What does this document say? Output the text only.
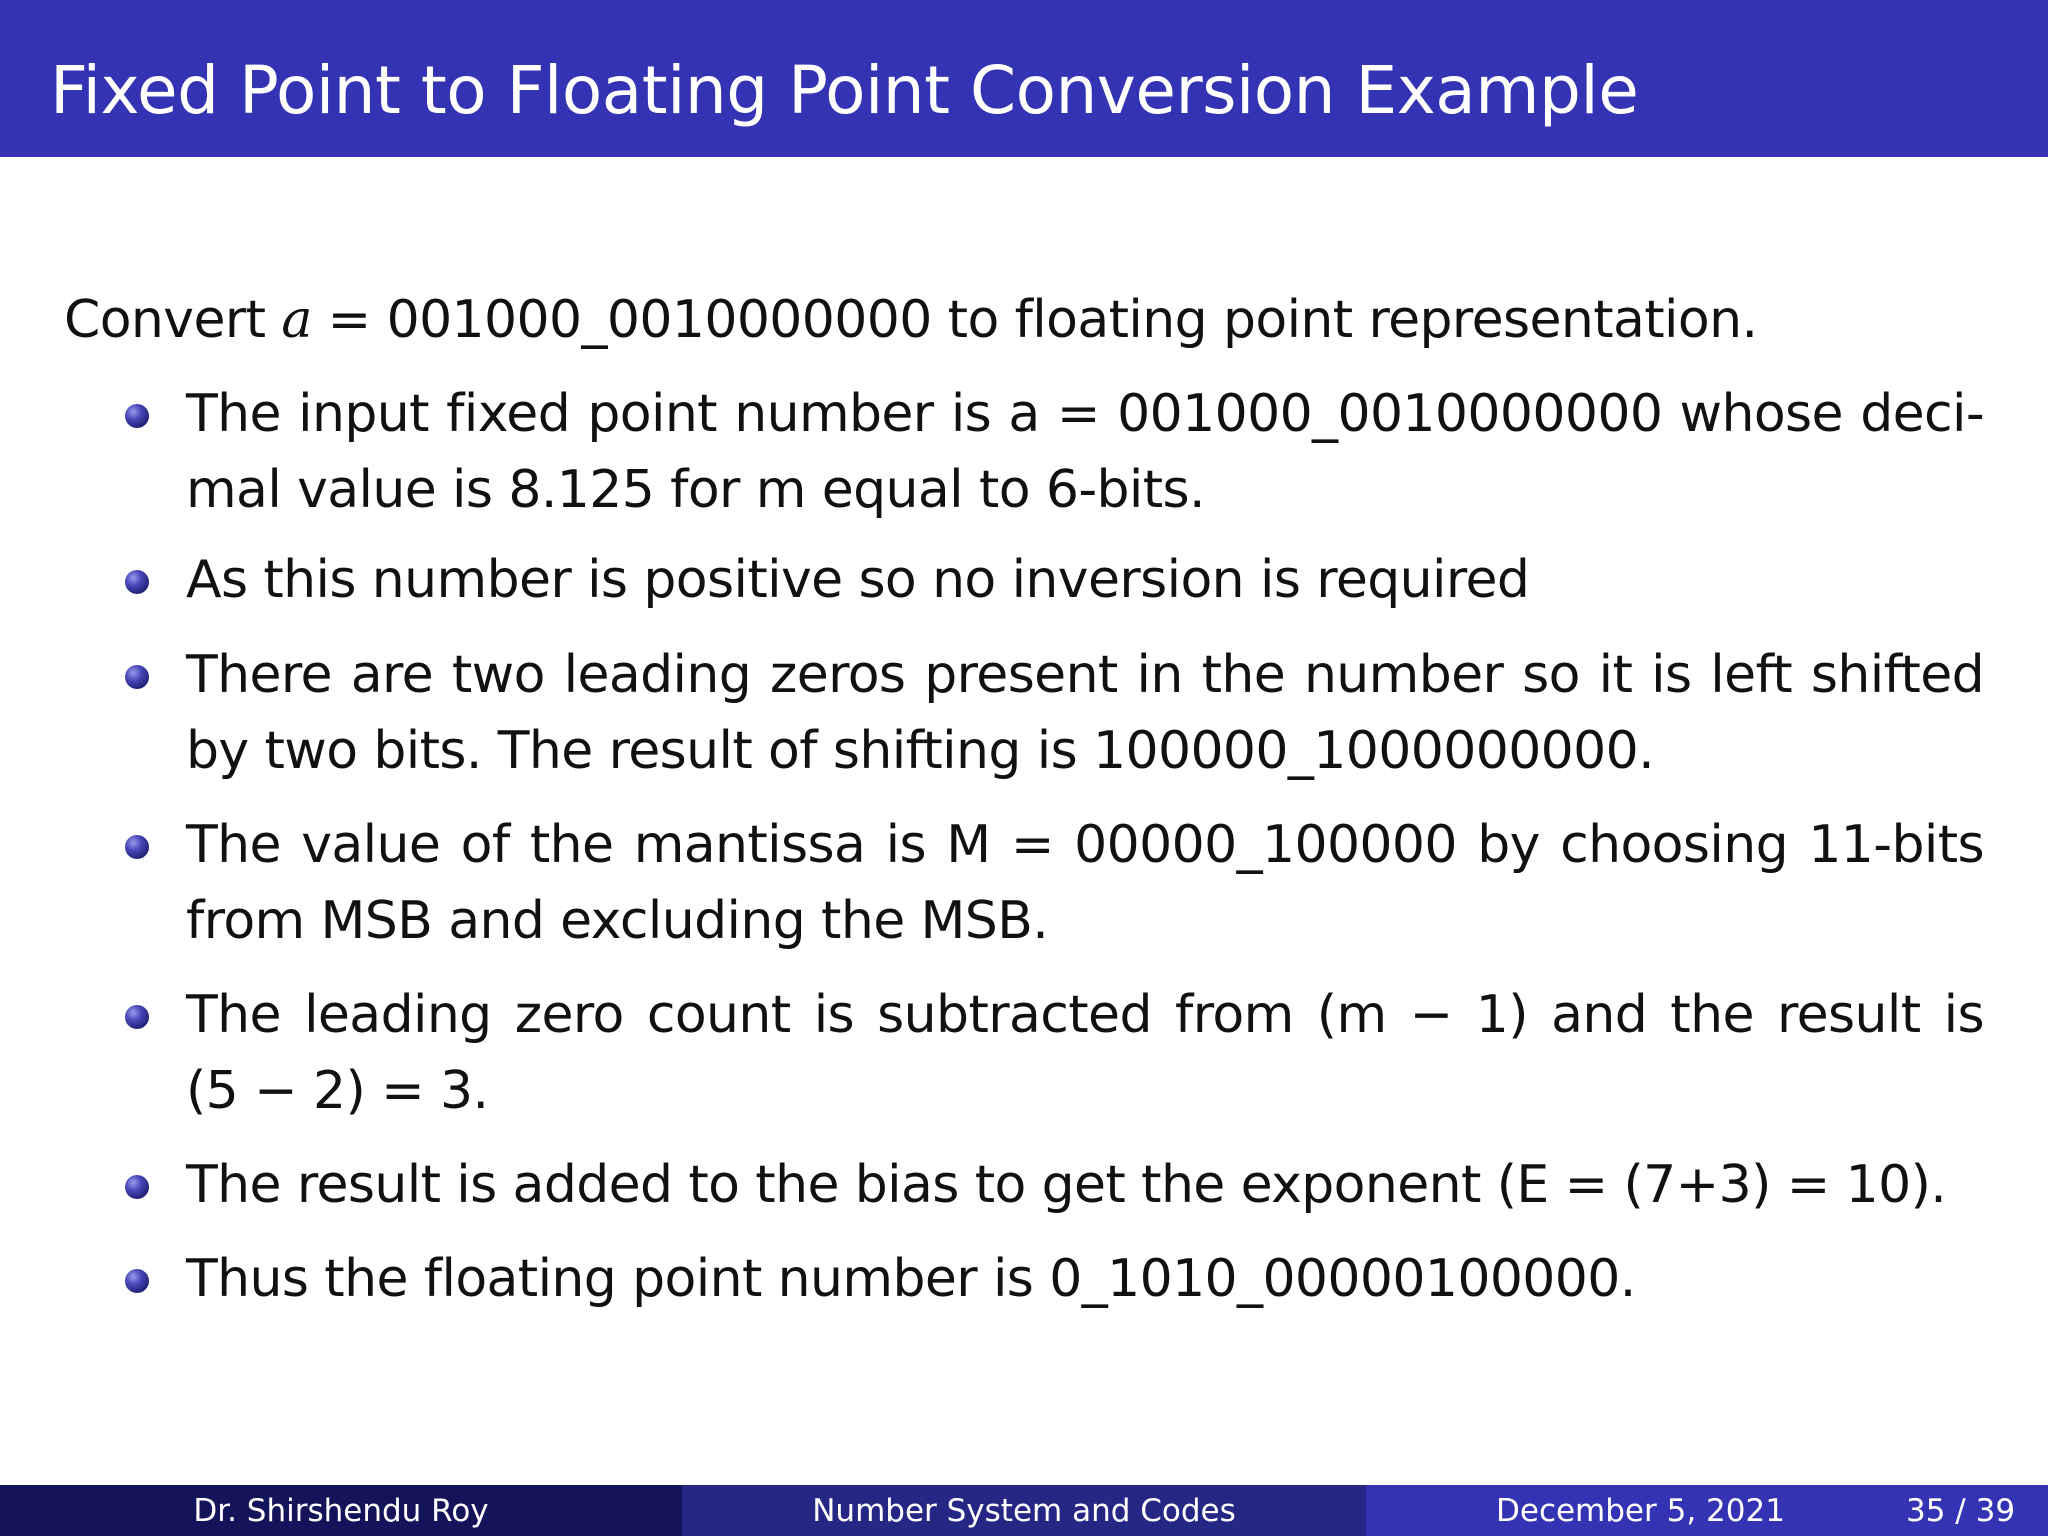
Fixed Point to Floating Point Conversion Example
Convert a = 001000_0010000000 to floating point representation.
The input fixed point number is a = 001000_0010000000 whose deci-
mal value is 8.125 for m equal to 6-bits.
As this number is positive so no inversion is required
There are two leading zeros present in the number so it is left shifted
by two bits. The result of shifting is 100000_1000000000.
The value of the mantissa is M = 00000_100000 by choosing 11-bits
from MSB and excluding the MSB.
The leading zero count is subtracted from (m − 1) and the result is
(5 − 2) = 3.
The result is added to the bias to get the exponent (E = (7+3) = 10).
Thus the floating point number is 0_1010_00000100000.
Dr. Shirshendu Roy	Number System and Codes	December 5, 2021	35 / 39
